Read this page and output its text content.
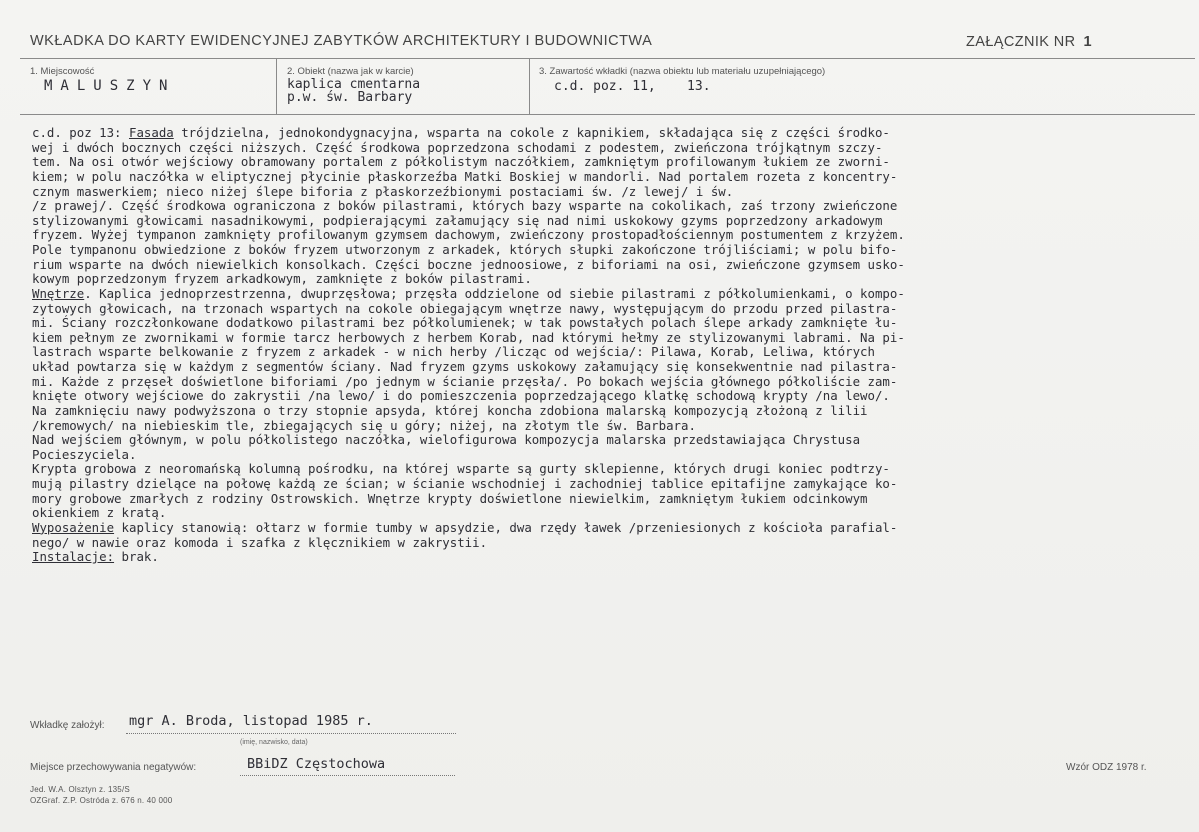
WKŁADKA DO KARTY EWIDENCYJNEJ ZABYTKÓW ARCHITEKTURY I BUDOWNICTWA	ZAŁĄCZNIK NR 1
1. Miejscowość
MALUSZYN
2. Obiekt (nazwa jak w karcie)
kaplica cmentarna
p.w. św. Barbary
3. Zawartość wkładki (nazwa obiektu lub materiału uzupełniającego)
c.d. poz. 11,    13.
c.d. poz 13: Fasada trójdzielna, jednokondygnacyjna, wsparta na cokole z kapnikiem, składająca się z części środko-
wej i dwóch bocznych części niższych. Część środkowa poprzedzona schodami z podestem, zwieńczona trójkątnym szczy-
tem. Na osi otwór wejściowy obramowany portalem z półkolistym naczółkiem, zamkniętym profilowanym łukiem ze zworni-
kiem; w polu naczółka w eliptycznej płycinie płaskorzeźba Matki Boskiej w mandorli. Nad portalem rozeta z koncentry-
cznym maswerkiem; nieco niżej ślepe biforia z płaskorzeźbionymi postaciami św. /z lewej/ i św.
/z prawej/. Część środkowa ograniczona z boków pilastrami, których bazy wsparte na cokolikach, zaś trzony zwieńczone
stylizowanymi głowicami nasadnikowymi, podpierającymi załamujący się nad nimi uskokowy gzyms poprzedzony arkadowym
fryzem. Wyżej tympanon zamknięty profilowanym gzymsem dachowym, zwieńczony prostopadłościennym postumentem z krzyżem.
Pole tympanonu obwiedzione z boków fryzem utworzonym z arkadek, których słupki zakończone trójliściami; w polu bifo-
rium wsparte na dwóch niewielkich konsolkach. Części boczne jednoosiowe, z biforiami na osi, zwieńczone gzymsem usko-
kowym poprzedzonym fryzem arkadkowym, zamknięte z boków pilastrami.
Wnętrze. Kaplica jednoprzestrzenna, dwuprzęsłowa; przęsła oddzielone od siebie pilastrami z półkolumienkami, o kompo-
zytowych głowicach, na trzonach wspartych na cokole obiegającym wnętrze nawy, występującym do przodu przed pilastra-
mi. Ściany rozczłonkowane dodatkowo pilastrami bez półkolumienek; w tak powstałych polach ślepe arkady zamknięte łu-
kiem pełnym ze zwornikami w formie tarcz herbowych z herbem Korab, nad którymi hełmy ze stylizowanymi labrami. Na pi-
lastrach wsparte belkowanie z fryzem z arkadek - w nich herby /licząc od wejścia/: Pilawa, Korab, Leliwa, których
układ powtarza się w każdym z segmentów ściany. Nad fryzem gzyms uskokowy załamujący się konsekwentnie nad pilastra-
mi. Każde z przęseł doświetlone biforiami /po jednym w ścianie przęsła/. Po bokach wejścia głównego półkoliście zam-
knięte otwory wejściowe do zakrystii /na lewo/ i do pomieszczenia poprzedzającego klatkę schodową krypty /na lewo/.
Na zamknięciu nawy podwyższona o trzy stopnie apsyda, której koncha zdobiona malarską kompozycją złożoną z lilii
/kremowych/ na niebieskim tle, zbiegających się u góry; niżej, na złotym tle św. Barbara.
Nad wejściem głównym, w polu półkolistego naczółka, wielofigurowa kompozycja malarska przedstawiająca Chrystusa
Pocieszyciela.
Krypta grobowa z neoromańską kolumną pośrodku, na której wsparte są gurty sklepienne, których drugi koniec podtrzy-
mują pilastry dzielące na połowę każdą ze ścian; w ścianie wschodniej i zachodniej tablice epitafijne zamykające ko-
mory grobowe zmarłych z rodziny Ostrowskich. Wnętrze krypty doświetlone niewielkim, zamkniętym łukiem odcinkowym
okienkiem z kratą.
Wyposażenie kaplicy stanowią: ołtarz w formie tumby w apsydzie, dwa rzędy ławek /przeniesionych z kościoła parafial-
nego/ w nawie oraz komoda i szafka z klęcznikiem w zakrystii.
Instalacje: brak.
Wkładkę założył: mgr A. Broda, listopad 1985 r.
(imię, nazwisko, data)
Miejsce przechowywania negatywów:	BBiDZ Częstochowa
Jed. W.A. Olsztyn z. 135/S
OZGraf. Z.P. Ostróda z. 676 n. 40 000
Wzór ODZ 1978 r.
